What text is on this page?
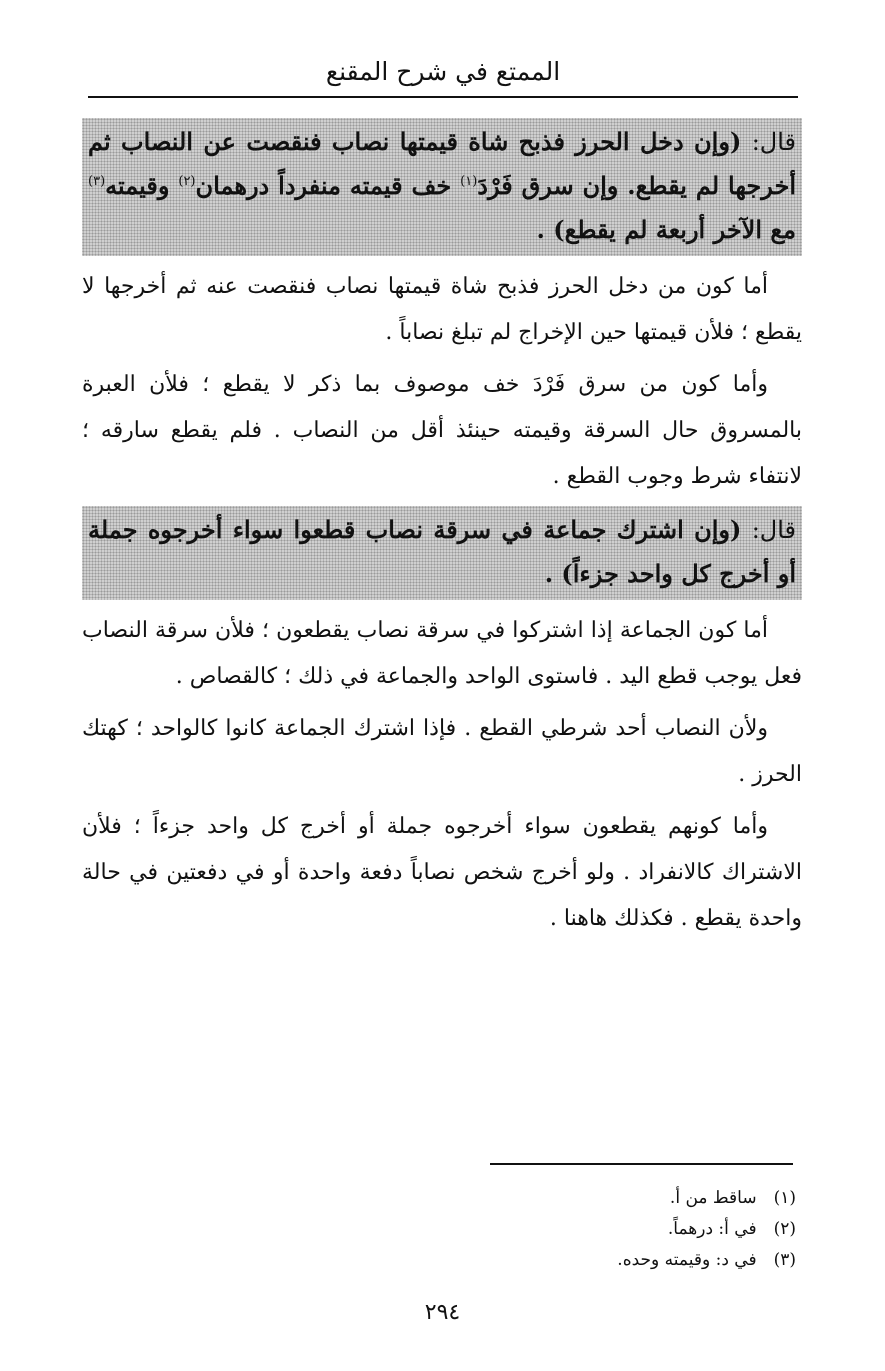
الممتع في شرح المقنع
قال: (وإن دخل الحرز فذبح شاة قيمتها نصاب فنقصت عن النصاب ثم أخرجها لم يقطع. وإن سرق فَرْدَ$^{(١)}$ خف قيمته منفرداً درهمان$^{(٢)}$ وقيمته$^{(٣)}$ مع الآخر أربعة لم يقطع) .

أما كون من دخل الحرز فذبح شاة قيمتها نصاب فنقصت عنه ثم أخرجها لا يقطع ؛ فلأن قيمتها حين الإخراج لم تبلغ نصاباً .

وأما كون من سرق فَرْدَ خف موصوف بما ذكر لا يقطع ؛ فلأن العبرة بالمسروق حال السرقة وقيمته حينئذ أقل من النصاب . فلم يقطع سارقه ؛ لانتفاء شرط وجوب القطع .

قال: (وإن اشترك جماعة في سرقة نصاب قطعوا سواء أخرجوه جملة أو أخرج كل واحد جزءاً) .

أما كون الجماعة إذا اشتركوا في سرقة نصاب يقطعون ؛ فلأن سرقة النصاب فعل يوجب قطع اليد . فاستوى الواحد والجماعة في ذلك ؛ كالقصاص .

ولأن النصاب أحد شرطي القطع . فإذا اشترك الجماعة كانوا كالواحد ؛ كهتك الحرز .

وأما كونهم يقطعون سواء أخرجوه جملة أو أخرج كل واحد جزءاً ؛ فلأن الاشتراك كالانفراد . ولو أخرج شخص نصاباً دفعة واحدة أو في دفعتين في حالة واحدة يقطع . فكذلك هاهنا .

(١) ساقط من أ.
(٢) في أ: درهماً.
(٣) في د: وقيمته وحده.
٢٩٤
